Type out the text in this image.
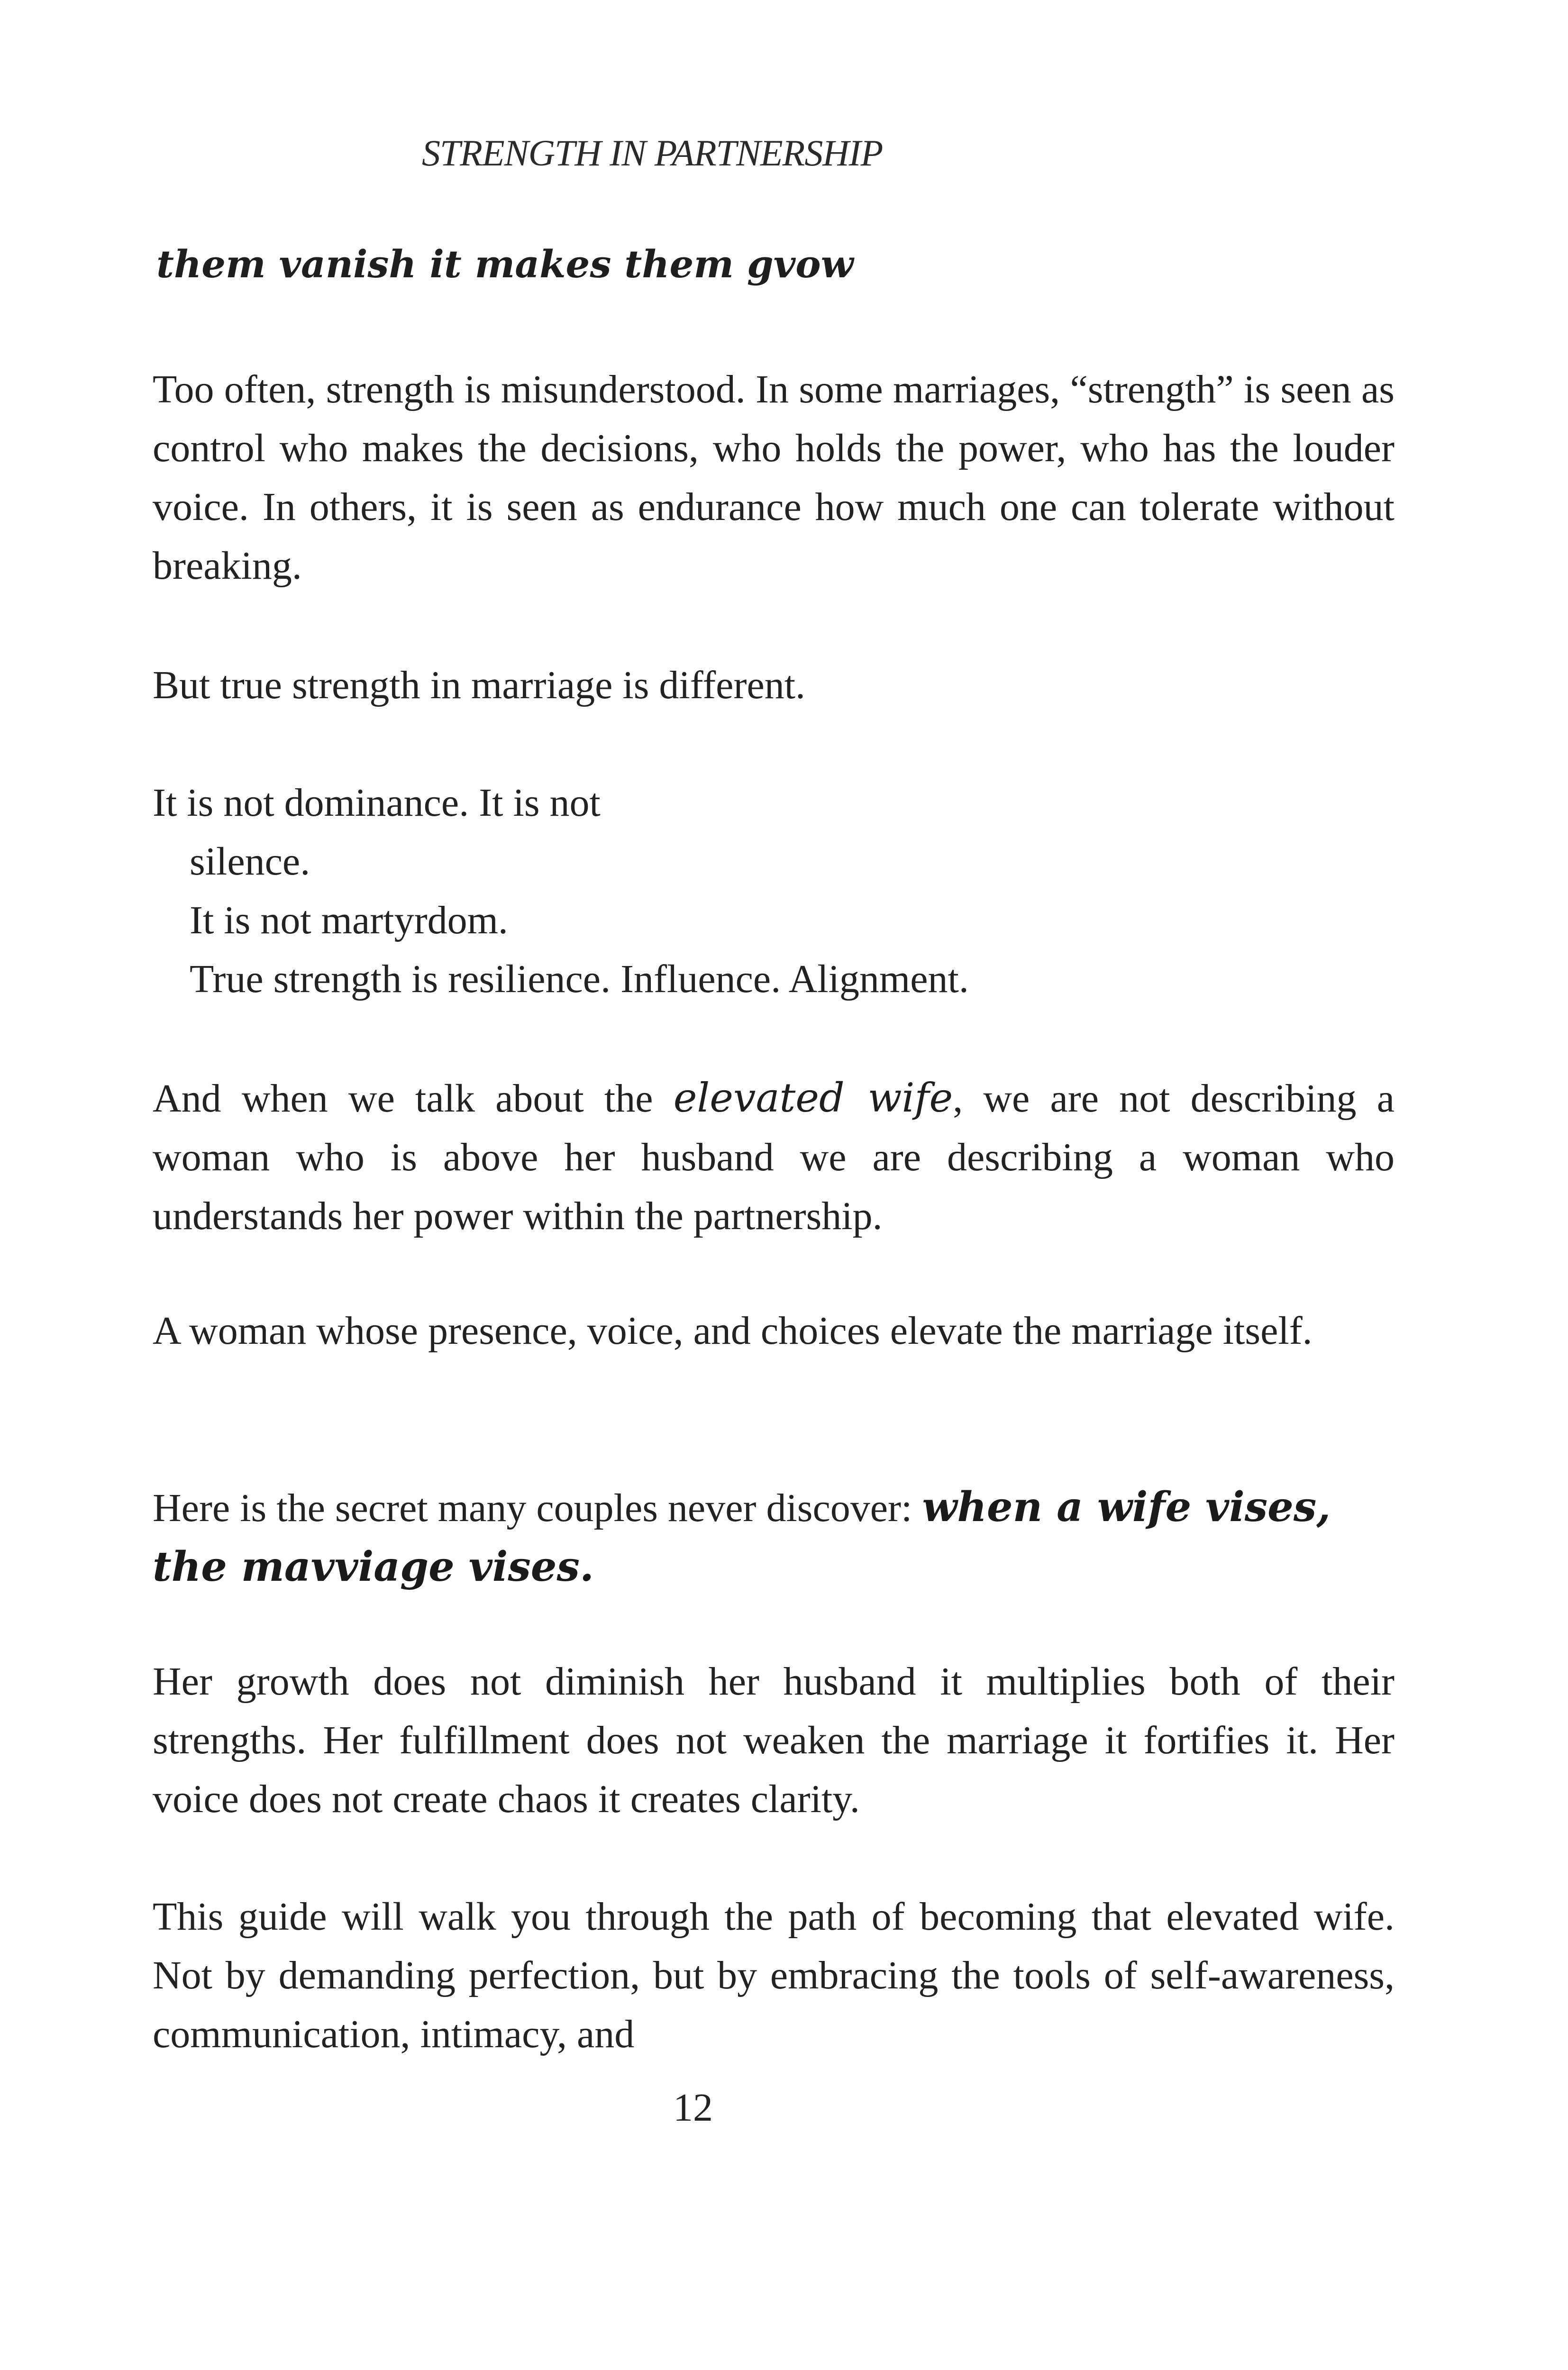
STRENGTH IN PARTNERSHIP
them vanish it makes them gvow
Too often, strength is misunderstood. In some marriages, “strength” is seen as control who makes the decisions, who holds the power, who has the louder voice. In others, it is seen as endurance how much one can tolerate without breaking.
But true strength in marriage is different.
It is not dominance. It is not
silence.
It is not martyrdom.
True strength is resilience. Influence. Alignment.
And when we talk about the elevated wife, we are not describing a woman who is above her husband we are describing a woman who understands her power within the partnership.
A woman whose presence, voice, and choices elevate the marriage itself.
Here is the secret many couples never discover: when a wife vises, the mavviage vises.
Her growth does not diminish her husband it multiplies both of their strengths. Her fulfillment does not weaken the marriage it fortifies it. Her voice does not create chaos it creates clarity.
This guide will walk you through the path of becoming that elevated wife. Not by demanding perfection, but by embracing the tools of self-awareness, communication, intimacy, and
12
